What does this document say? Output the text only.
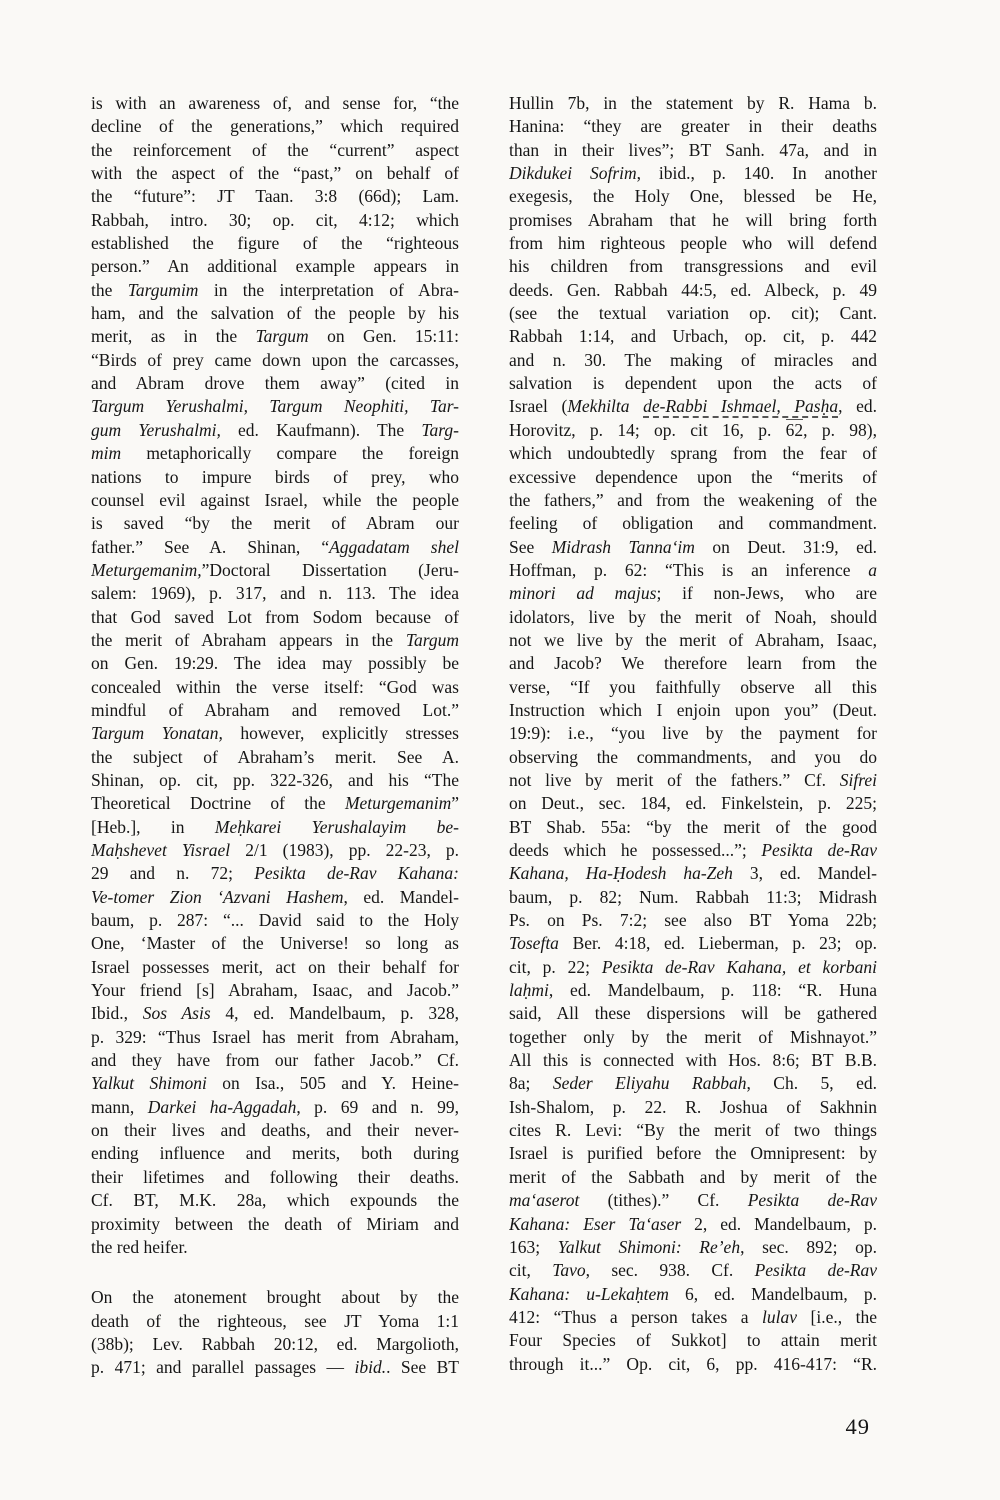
is with an awareness of, and sense for, “the
decline of the generations,” which required
the reinforcement of the “current” aspect
with the aspect of the “past,” on behalf of
the “future”: JT Taan. 3:8 (66d); Lam.
Rabbah, intro. 30; op. cit, 4:12; which
established the figure of the “righteous
person.” An additional example appears in
the Targumim in the interpretation of Abra-
ham, and the salvation of the people by his
merit, as in the Targum on Gen. 15:11:
“Birds of prey came down upon the carcasses,
and Abram drove them away” (cited in
Targum Yerushalmi, Targum Neophiti, Tar-
gum Yerushalmi, ed. Kaufmann). The Targ-
mim metaphorically compare the foreign
nations to impure birds of prey, who
counsel evil against Israel, while the people
is saved “by the merit of Abram our
father.” See A. Shinan, “Aggadatam shel
Meturgemanim,”Doctoral Dissertation (Jeru-
salem: 1969), p. 317, and n. 113. The idea
that God saved Lot from Sodom because of
the merit of Abraham appears in the Targum
on Gen. 19:29. The idea may possibly be
concealed within the verse itself: “God was
mindful of Abraham and removed Lot.”
Targum Yonatan, however, explicitly stresses
the subject of Abraham’s merit. See A.
Shinan, op. cit, pp. 322-326, and his “The
Theoretical Doctrine of the Meturgemanim”
[Heb.], in Meḥkarei Yerushalayim be-
Maḥshevet Yisrael 2/1 (1983), pp. 22-23, p.
29 and n. 72; Pesikta de-Rav Kahana:
Ve-tomer Zion ‘Azvani Hashem, ed. Mandel-
baum, p. 287: “... David said to the Holy
One, ‘Master of the Universe! so long as
Israel possesses merit, act on their behalf for
Your friend [s] Abraham, Isaac, and Jacob.”
Ibid., Sos Asis 4, ed. Mandelbaum, p. 328,
p. 329: “Thus Israel has merit from Abraham,
and they have from our father Jacob.” Cf.
Yalkut Shimoni on Isa., 505 and Y. Heine-
mann, Darkei ha-Aggadah, p. 69 and n. 99,
on their lives and deaths, and their never-
ending influence and merits, both during
their lifetimes and following their deaths.
Cf. BT, M.K. 28a, which expounds the
proximity between the death of Miriam and
the red heifer.
On the atonement brought about by the
death of the righteous, see JT Yoma 1:1
(38b); Lev. Rabbah 20:12, ed. Margolioth,
p. 471; and parallel passages — ibid.. See BT
Hullin 7b, in the statement by R. Hama b.
Hanina: “they are greater in their deaths
than in their lives”; BT Sanh. 47a, and in
Dikdukei Sofrim, ibid., p. 140. In another
exegesis, the Holy One, blessed be He,
promises Abraham that he will bring forth
from him righteous people who will defend
his children from transgressions and evil
deeds. Gen. Rabbah 44:5, ed. Albeck, p. 49
(see the textual variation op. cit); Cant.
Rabbah 1:14, and Urbach, op. cit, p. 442
and n. 30. The making of miracles and
salvation is dependent upon the acts of
Israel (Mekhilta de-Rabbi Ishmael, Pasḥa, ed.
Horovitz, p. 14; op. cit 16, p. 62, p. 98),
which undoubtedly sprang from the fear of
excessive dependence upon the “merits of
the fathers,” and from the weakening of the
feeling of obligation and commandment.
See Midrash Tanna‘im on Deut. 31:9, ed.
Hoffman, p. 62: “This is an inference a
minori ad majus; if non-Jews, who are
idolators, live by the merit of Noah, should
not we live by the merit of Abraham, Isaac,
and Jacob? We therefore learn from the
verse, “If you faithfully observe all this
Instruction which I enjoin upon you” (Deut.
19:9): i.e., “you live by the payment for
observing the commandments, and you do
not live by merit of the fathers.” Cf. Sifrei
on Deut., sec. 184, ed. Finkelstein, p. 225;
BT Shab. 55a: “by the merit of the good
deeds which he possessed...”; Pesikta de-Rav
Kahana, Ha-Ḥodesh ha-Zeh 3, ed. Mandel-
baum, p. 82; Num. Rabbah 11:3; Midrash
Ps. on Ps. 7:2; see also BT Yoma 22b;
Tosefta Ber. 4:18, ed. Lieberman, p. 23; op.
cit, p. 22; Pesikta de-Rav Kahana, et korbani
laḥmi, ed. Mandelbaum, p. 118: “R. Huna
said, All these dispersions will be gathered
together only by the merit of Mishnayot.”
All this is connected with Hos. 8:6; BT B.B.
8a; Seder Eliyahu Rabbah, Ch. 5, ed.
Ish-Shalom, p. 22. R. Joshua of Sakhnin
cites R. Levi: “By the merit of two things
Israel is purified before the Omnipresent: by
merit of the Sabbath and by merit of the
ma‘aserot (tithes).” Cf. Pesikta de-Rav
Kahana: Eser Ta‘aser 2, ed. Mandelbaum, p.
163; Yalkut Shimoni: Re’eh, sec. 892; op.
cit, Tavo, sec. 938. Cf. Pesikta de-Rav
Kahana: u-Lekaḥtem 6, ed. Mandelbaum, p.
412: “Thus a person takes a lulav [i.e., the
Four Species of Sukkot] to attain merit
through it...” Op. cit, 6, pp. 416-417: “R.
49
